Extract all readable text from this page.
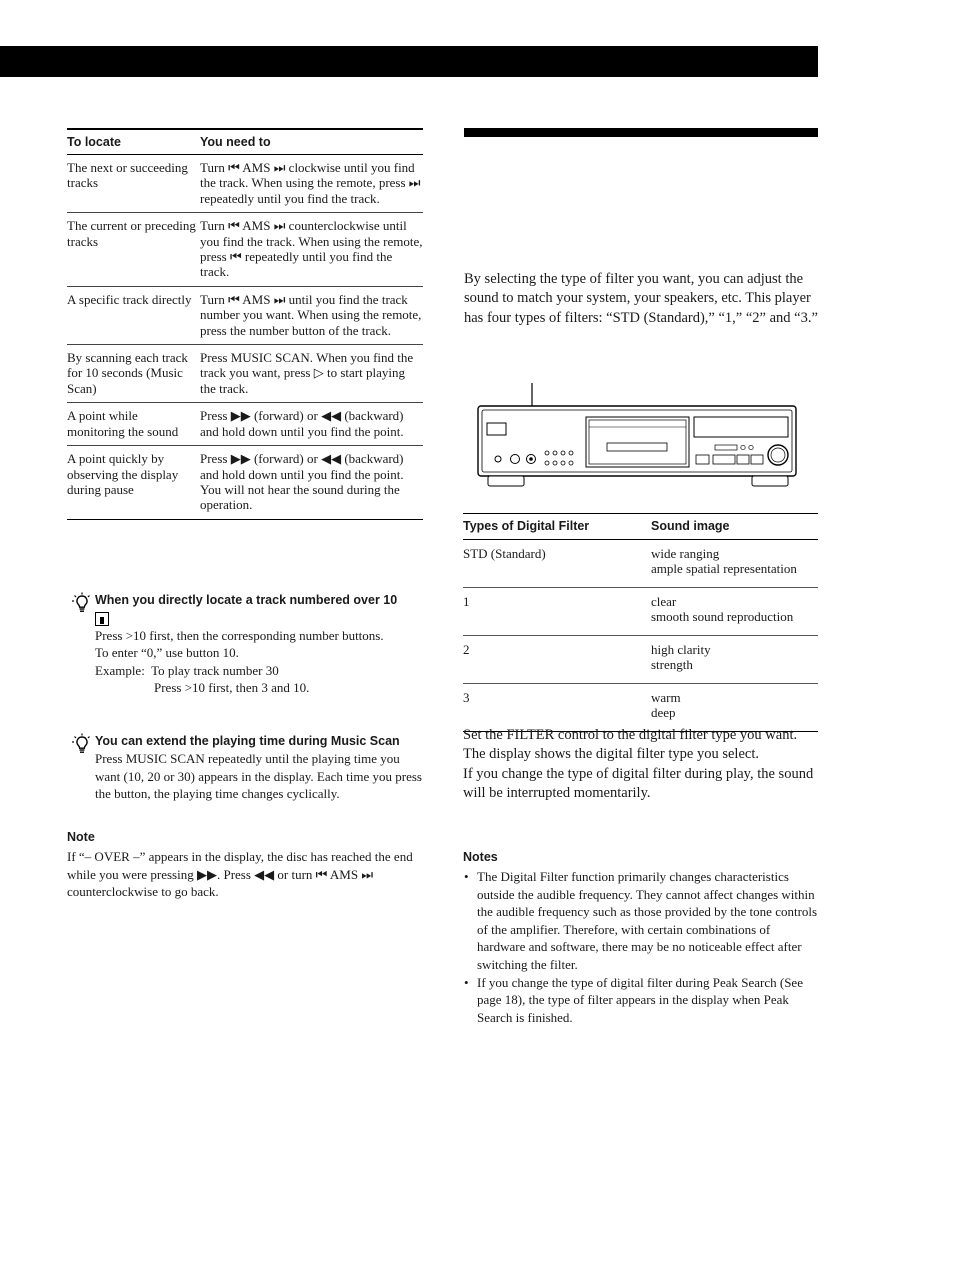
To locate	You need to
The next or succeeding tracks	Turn ⏮ AMS ⏭ clockwise until you find the track. When using the remote, press ⏭ repeatedly until you find the track.
The current or preceding tracks	Turn ⏮ AMS ⏭ counterclockwise until you find the track. When using the remote, press ⏮ repeatedly until you find the track.
A specific track directly	Turn ⏮ AMS ⏭ until you find the track number you want. When using the remote, press the number button of the track.
By scanning each track for 10 seconds (Music Scan)	Press MUSIC SCAN. When you find the track you want, press ▷ to start playing the track.
A point while monitoring the sound	Press ▶▶ (forward) or ◀◀ (backward) and hold down until you find the point.
A point quickly by observing the display during pause	Press ▶▶ (forward) or ◀◀ (backward) and hold down until you find the point. You will not hear the sound during the operation.
When you directly locate a track numbered over 10

Press >10 first, then the corresponding number buttons.
To enter “0,” use button 10.
Example:  To play track number 30
Press >10 first, then 3 and 10.
You can extend the playing time during Music Scan
Press MUSIC SCAN repeatedly until the playing time you want (10, 20 or 30) appears in the display. Each time you press the button, the playing time changes cyclically.
Note
If “– OVER –” appears in the display, the disc has reached the end while you were pressing ▶▶. Press ◀◀ or turn ⏮ AMS ⏭ counterclockwise to go back.
By selecting the type of filter you want, you can adjust the sound to match your system, your speakers, etc. This player has four types of filters: “STD (Standard),” “1,” “2” and “3.”
Types of Digital Filter	Sound image
STD (Standard)	wide ranging
ample spatial representation
1	clear
smooth sound reproduction
2	high clarity
strength
3	warm
deep
Set the FILTER control to the digital filter type you want. The display shows the digital filter type you select.
If you change the type of digital filter during play, the sound will be interrupted momentarily.
Notes
• The Digital Filter function primarily changes characteristics outside the audible frequency. They cannot affect changes within the audible frequency such as those provided by the tone controls of the amplifier. Therefore, with certain combinations of hardware and software, there may be no noticeable effect after switching the filter.
• If you change the type of digital filter during Peak Search (See page 18), the type of filter appears in the display when Peak Search is finished.
